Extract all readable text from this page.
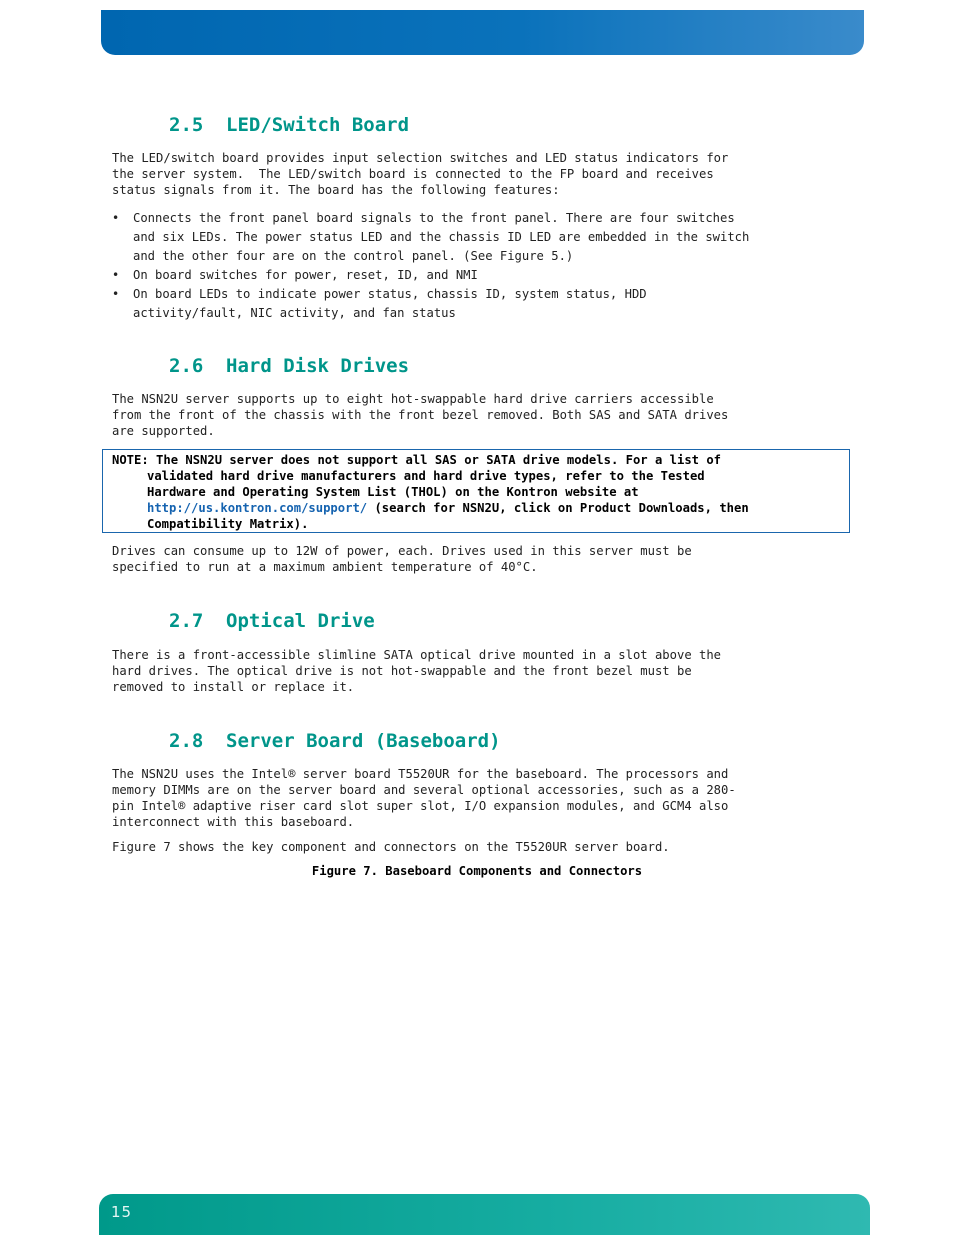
2.5 LED/Switch Board

The LED/switch board provides input selection switches and LED status indicators for
the server system.  The LED/switch board is connected to the FP board and receives
status signals from it. The board has the following features:

• Connects the front panel board signals to the front panel. There are four switches
and six LEDs. The power status LED and the chassis ID LED are embedded in the switch
and the other four are on the control panel. (See Figure 5.)
• On board switches for power, reset, ID, and NMI
• On board LEDs to indicate power status, chassis ID, system status, HDD
activity/fault, NIC activity, and fan status
2.6 Hard Disk Drives

The NSN2U server supports up to eight hot-swappable hard drive carriers accessible
from the front of the chassis with the front bezel removed. Both SAS and SATA drives
are supported.

Drives can consume up to 12W of power, each. Drives used in this server must be
specified to run at a maximum ambient temperature of 40°C.

2.7 Optical Drive

There is a front-accessible slimline SATA optical drive mounted in a slot above the
hard drives. The optical drive is not hot-swappable and the front bezel must be
removed to install or replace it.

2.8 Server Board (Baseboard)

The NSN2U uses the Intel® server board T5520UR for the baseboard. The processors and
memory DIMMs are on the server board and several optional accessories, such as a 280-
pin Intel® adaptive riser card slot super slot, I/O expansion modules, and GCM4 also
interconnect with this baseboard.

Figure 7 shows the key component and connectors on the T5520UR server board.

NOTE: The NSN2U server does not support all SAS or SATA drive models. For a list of
validated hard drive manufacturers and hard drive types, refer to the Tested
Hardware and Operating System List (THOL) on the Kontron website at
http://us.kontron.com/support/ (search for NSN2U, click on Product Downloads, then
Compatibility Matrix).
Figure 7. Baseboard Components and Connectors
15
